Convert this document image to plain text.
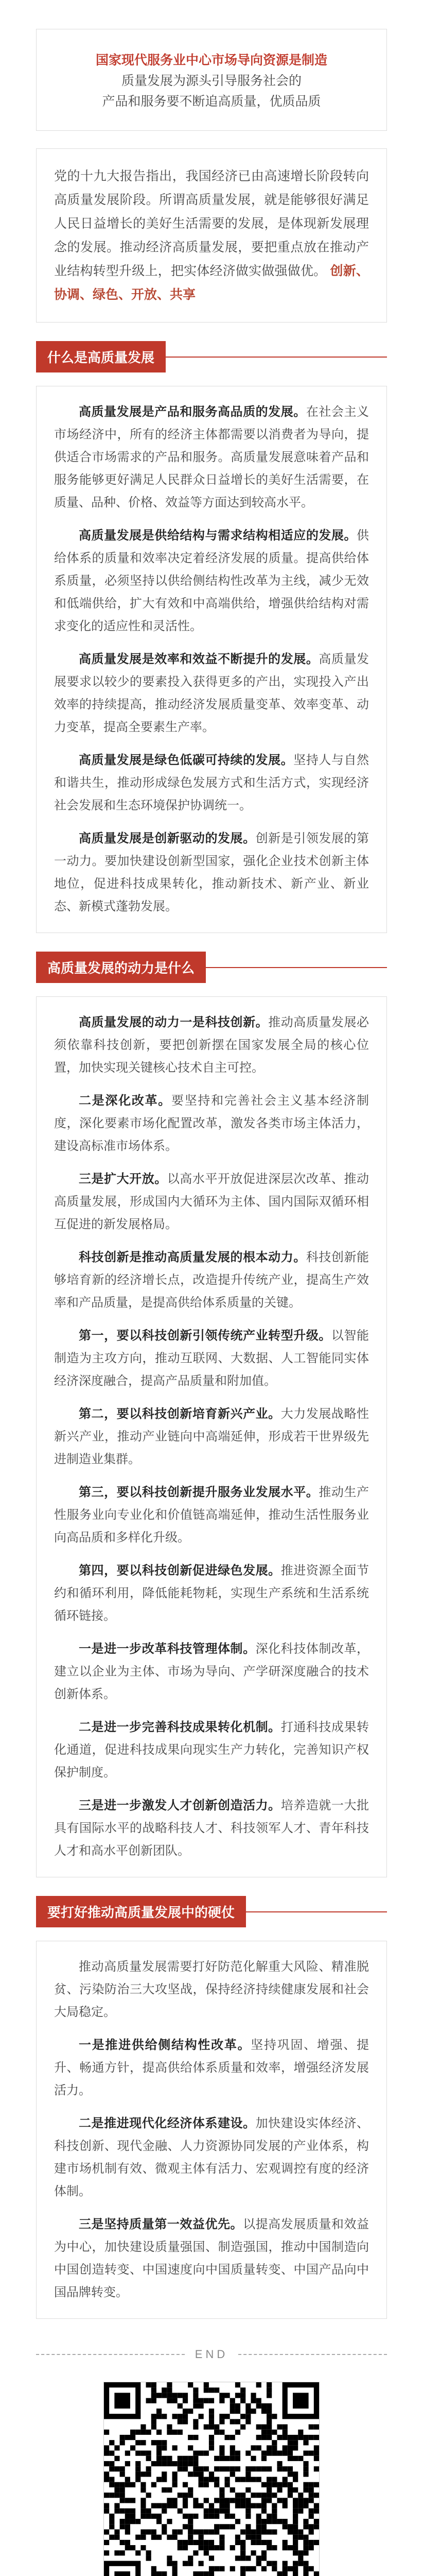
国家现代服务业中心市场导向资源是制造
质量发展为源头引导服务社会的
产品和服务要不断追高质量，优质品质

党的十九大报告指出，我国经济已由高速增长阶段转向高质量发展阶段。所谓高质量发展，就是能够很好满足人民日益增长的美好生活需要的发展，是体现新发展理念的发展。推动经济高质量发展，要把重点放在推动产业结构转型升级上，把实体经济做实做强做优。 创新、协调、绿色、开放、共享

什么是高质量发展

高质量发展是产品和服务高品质的发展。在社会主义市场经济中，所有的经济主体都需要以消费者为导向，提供适合市场需求的产品和服务。高质量发展意味着产品和服务能够更好满足人民群众日益增长的美好生活需要，在质量、品种、价格、效益等方面达到较高水平。

高质量发展是供给结构与需求结构相适应的发展。供给体系的质量和效率决定着经济发展的质量。提高供给体系质量，必须坚持以供给侧结构性改革为主线，减少无效和低端供给，扩大有效和中高端供给，增强供给结构对需求变化的适应性和灵活性。

高质量发展是效率和效益不断提升的发展。高质量发展要求以较少的要素投入获得更多的产出，实现投入产出效率的持续提高，推动经济发展质量变革、效率变革、动力变革，提高全要素生产率。

高质量发展是绿色低碳可持续的发展。坚持人与自然和谐共生，推动形成绿色发展方式和生活方式，实现经济社会发展和生态环境保护协调统一。

高质量发展是创新驱动的发展。创新是引领发展的第一动力。要加快建设创新型国家，强化企业技术创新主体地位，促进科技成果转化，推动新技术、新产业、新业态、新模式蓬勃发展。

高质量发展的动力是什么

高质量发展的动力一是科技创新。推动高质量发展必须依靠科技创新，要把创新摆在国家发展全局的核心位置，加快实现关键核心技术自主可控。

二是深化改革。要坚持和完善社会主义基本经济制度，深化要素市场化配置改革，激发各类市场主体活力，建设高标准市场体系。

三是扩大开放。以高水平开放促进深层次改革、推动高质量发展，形成国内大循环为主体、国内国际双循环相互促进的新发展格局。

科技创新是推动高质量发展的根本动力。科技创新能够培育新的经济增长点，改造提升传统产业，提高生产效率和产品质量，是提高供给体系质量的关键。

第一，要以科技创新引领传统产业转型升级。以智能制造为主攻方向，推动互联网、大数据、人工智能同实体经济深度融合，提高产品质量和附加值。

第二，要以科技创新培育新兴产业。大力发展战略性新兴产业，推动产业链向中高端延伸，形成若干世界级先进制造业集群。

第三，要以科技创新提升服务业发展水平。推动生产性服务业向专业化和价值链高端延伸，推动生活性服务业向高品质和多样化升级。

第四，要以科技创新促进绿色发展。推进资源全面节约和循环利用，降低能耗物耗，实现生产系统和生活系统循环链接。

一是进一步改革科技管理体制。深化科技体制改革，建立以企业为主体、市场为导向、产学研深度融合的技术创新体系。

二是进一步完善科技成果转化机制。打通科技成果转化通道，促进科技成果向现实生产力转化，完善知识产权保护制度。

三是进一步激发人才创新创造活力。培养造就一大批具有国际水平的战略科技人才、科技领军人才、青年科技人才和高水平创新团队。

要打好推动高质量发展中的硬仗

推动高质量发展需要打好防范化解重大风险、精准脱贫、污染防治三大攻坚战，保持经济持续健康发展和社会大局稳定。

一是推进供给侧结构性改革。坚持巩固、增强、提升、畅通方针，提高供给体系质量和效率，增强经济发展活力。

二是推进现代化经济体系建设。加快建设实体经济、科技创新、现代金融、人力资源协同发展的产业体系，构建市场机制有效、微观主体有活力、宏观调控有度的经济体制。

三是坚持质量第一效益优先。以提高发展质量和效益为中心，加快建设质量强国、制造强国，推动中国制造向中国创造转变、中国速度向中国质量转变、中国产品向中国品牌转变。

END
